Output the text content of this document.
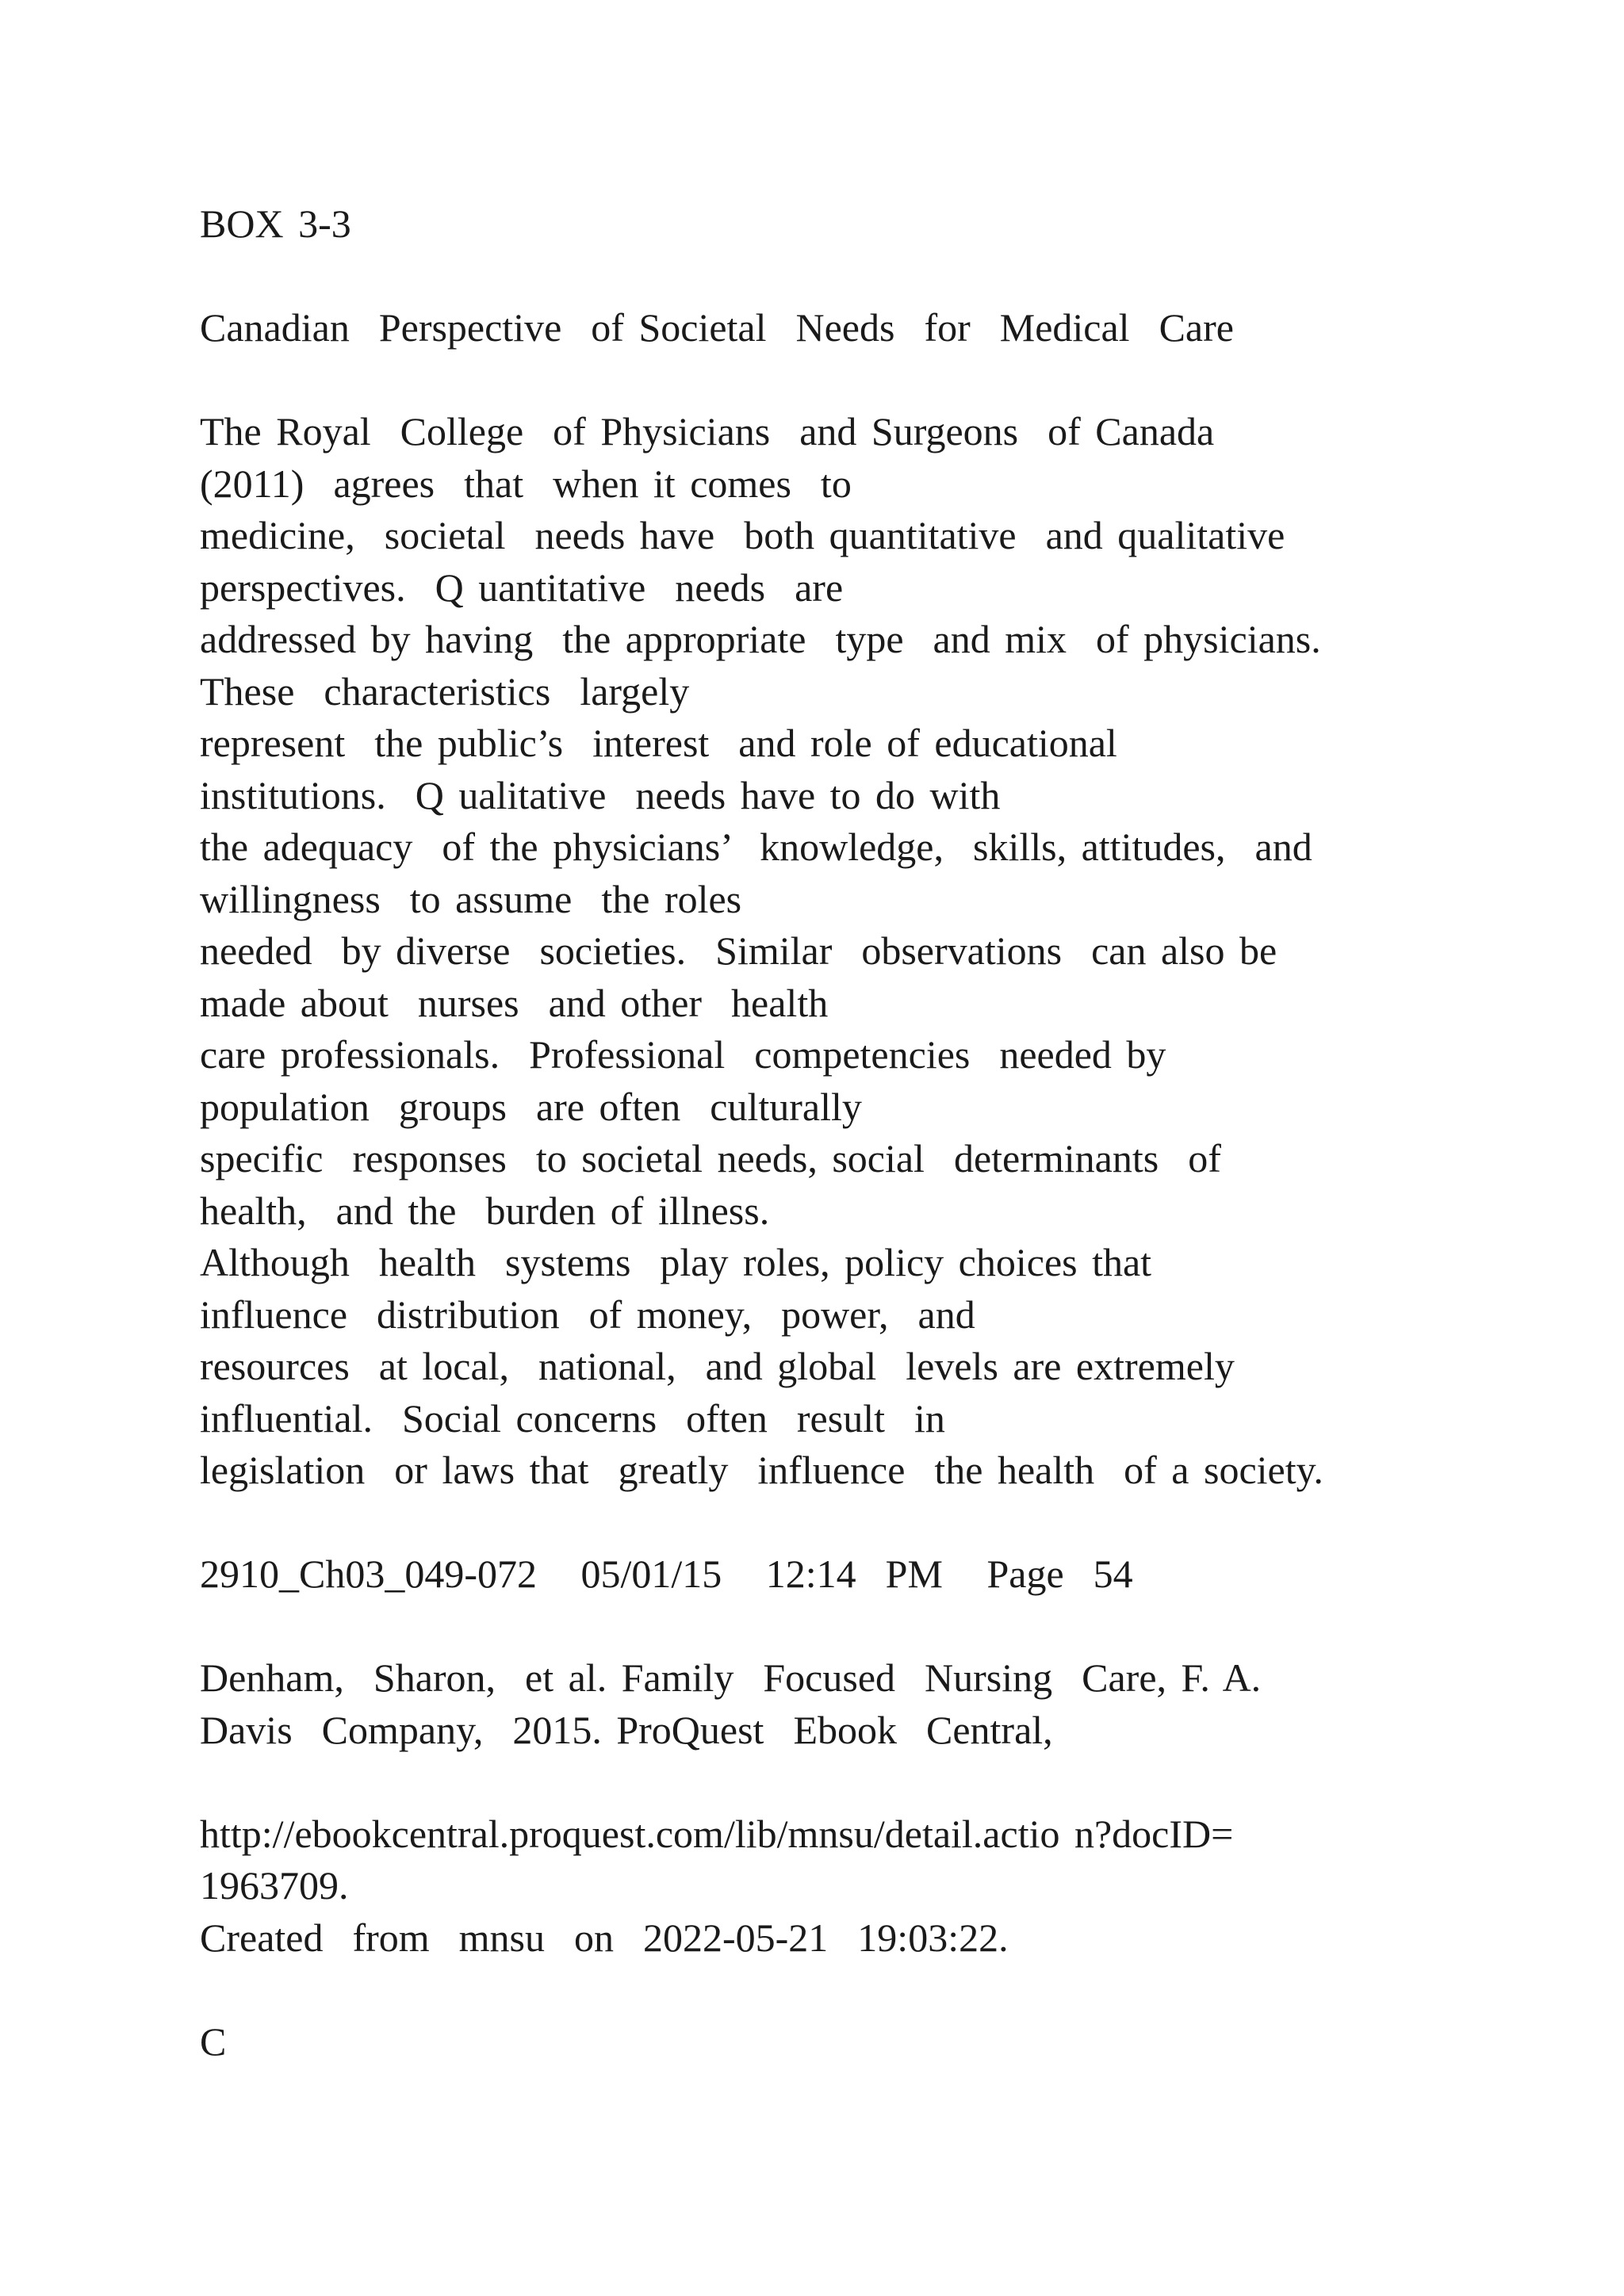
BOX 3-3
Canadian  Perspective  of Societal  Needs  for  Medical  Care
The Royal  College  of Physicians  and Surgeons  of Canada
(2011)  agrees  that  when it comes  to
medicine,  societal  needs have  both quantitative  and qualitative
perspectives.  Q uantitative  needs  are
addressed by having  the appropriate  type  and mix  of physicians.
These  characteristics  largely
represent  the public’s  interest  and role of educational
institutions.  Q ualitative  needs have to do with
the adequacy  of the physicians’  knowledge,  skills, attitudes,  and
willingness  to assume  the roles
needed  by diverse  societies.  Similar  observations  can also be
made about  nurses  and other  health
care professionals.  Professional  competencies  needed by
population  groups  are often  culturally
specific  responses  to societal needs, social  determinants  of
health,  and the  burden of illness.
Although  health  systems  play roles, policy choices that
influence  distribution  of money,  power,  and
resources  at local,  national,  and global  levels are extremely
influential.  Social concerns  often  result  in
legislation  or laws that  greatly  influence  the health  of a society.
2910_Ch03_049-072   05/01/15   12:14  PM   Page  54
Denham,  Sharon,  et al. Family  Focused  Nursing  Care, F. A.
Davis  Company,  2015. ProQuest  Ebook  Central,
http://ebookcentral.proquest.com/lib/mnsu/detail.actio n?docID=
1963709.
Created  from  mnsu  on  2022-05-21  19:03:22.
C
